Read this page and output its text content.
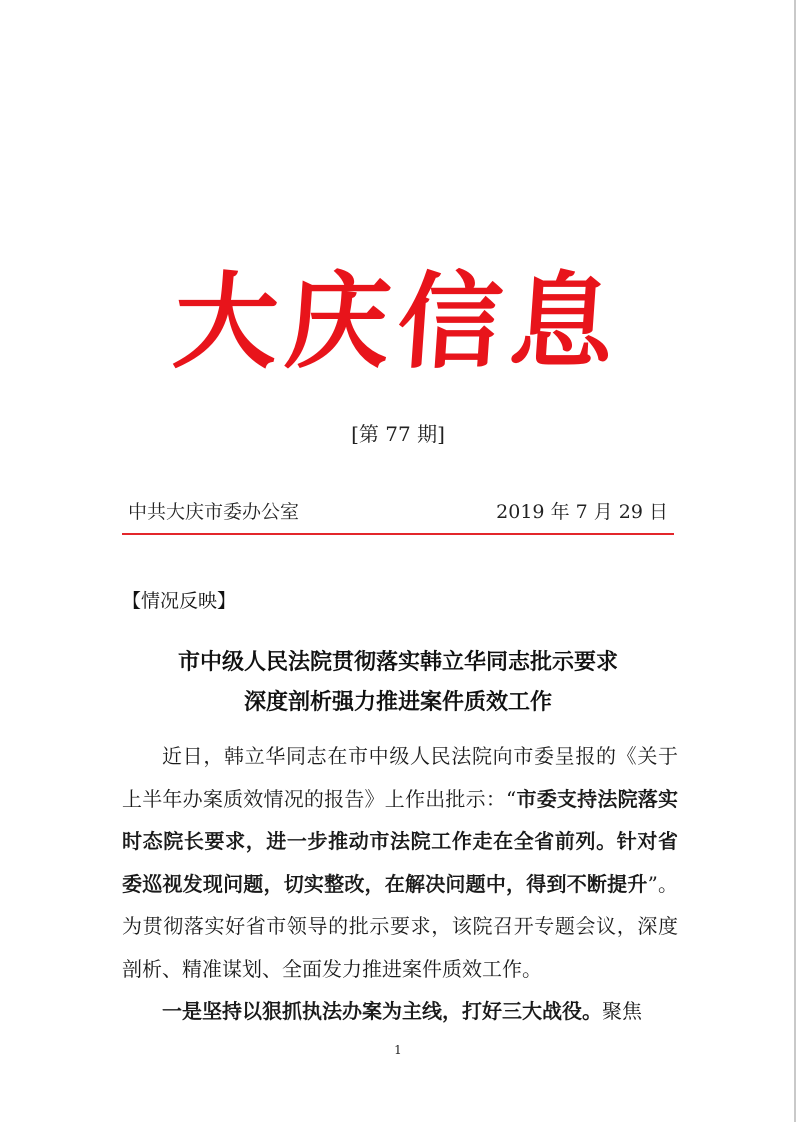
大庆信息
[第 77 期]
中共大庆市委办公室	2019 年 7 月 29 日
【情况反映】
市中级人民法院贯彻落实韩立华同志批示要求
深度剖析强力推进案件质效工作

近日，韩立华同志在市中级人民法院向市委呈报的《关于上半年办案质效情况的报告》上作出批示：“市委支持法院落实时态院长要求，进一步推动市法院工作走在全省前列。针对省委巡视发现问题，切实整改，在解决问题中，得到不断提升”。为贯彻落实好省市领导的批示要求，该院召开专题会议，深度剖析、精准谋划、全面发力推进案件质效工作。

一是坚持以狠抓执法办案为主线，打好三大战役。聚焦

1
